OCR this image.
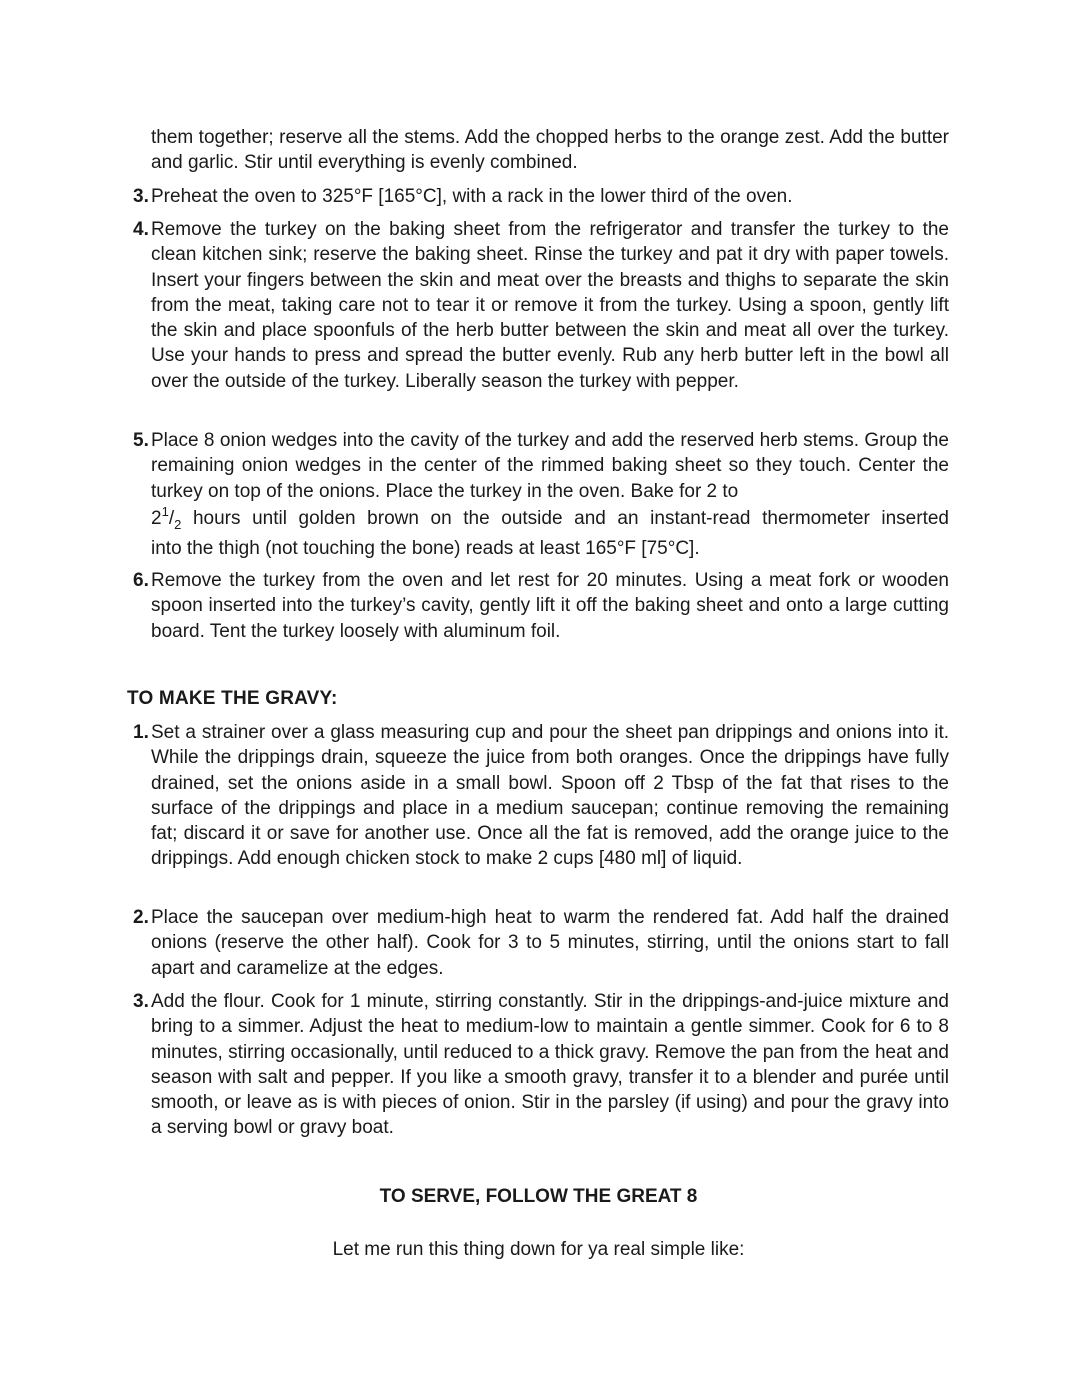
them together; reserve all the stems. Add the chopped herbs to the orange zest. Add the butter and garlic. Stir until everything is evenly combined.
3. Preheat the oven to 325°F [165°C], with a rack in the lower third of the oven.
4. Remove the turkey on the baking sheet from the refrigerator and transfer the turkey to the clean kitchen sink; reserve the baking sheet. Rinse the turkey and pat it dry with paper towels. Insert your fingers between the skin and meat over the breasts and thighs to separate the skin from the meat, taking care not to tear it or remove it from the turkey. Using a spoon, gently lift the skin and place spoonfuls of the herb butter between the skin and meat all over the turkey. Use your hands to press and spread the butter evenly. Rub any herb butter left in the bowl all over the outside of the turkey. Liberally season the turkey with pepper.
5. Place 8 onion wedges into the cavity of the turkey and add the reserved herb stems. Group the remaining onion wedges in the center of the rimmed baking sheet so they touch. Center the turkey on top of the onions. Place the turkey in the oven. Bake for 2 to
$2^1/_2$ hours until golden brown on the outside and an instant-read thermometer inserted
into the thigh (not touching the bone) reads at least 165°F [75°C].
6. Remove the turkey from the oven and let rest for 20 minutes. Using a meat fork or wooden spoon inserted into the turkey’s cavity, gently lift it off the baking sheet and onto a large cutting board. Tent the turkey loosely with aluminum foil.
TO MAKE THE GRAVY:
1. Set a strainer over a glass measuring cup and pour the sheet pan drippings and onions into it. While the drippings drain, squeeze the juice from both oranges. Once the drippings have fully drained, set the onions aside in a small bowl. Spoon off 2 Tbsp of the fat that rises to the surface of the drippings and place in a medium saucepan; continue removing the remaining fat; discard it or save for another use. Once all the fat is removed, add the orange juice to the drippings. Add enough chicken stock to make 2 cups [480 ml] of liquid.
2. Place the saucepan over medium-high heat to warm the rendered fat. Add half the drained onions (reserve the other half). Cook for 3 to 5 minutes, stirring, until the onions start to fall apart and caramelize at the edges.
3. Add the flour. Cook for 1 minute, stirring constantly. Stir in the drippings-and-juice mixture and bring to a simmer. Adjust the heat to medium-low to maintain a gentle simmer. Cook for 6 to 8 minutes, stirring occasionally, until reduced to a thick gravy. Remove the pan from the heat and season with salt and pepper. If you like a smooth gravy, transfer it to a blender and purée until smooth, or leave as is with pieces of onion. Stir in the parsley (if using) and pour the gravy into a serving bowl or gravy boat.
TO SERVE, FOLLOW THE GREAT 8
Let me run this thing down for ya real simple like:
